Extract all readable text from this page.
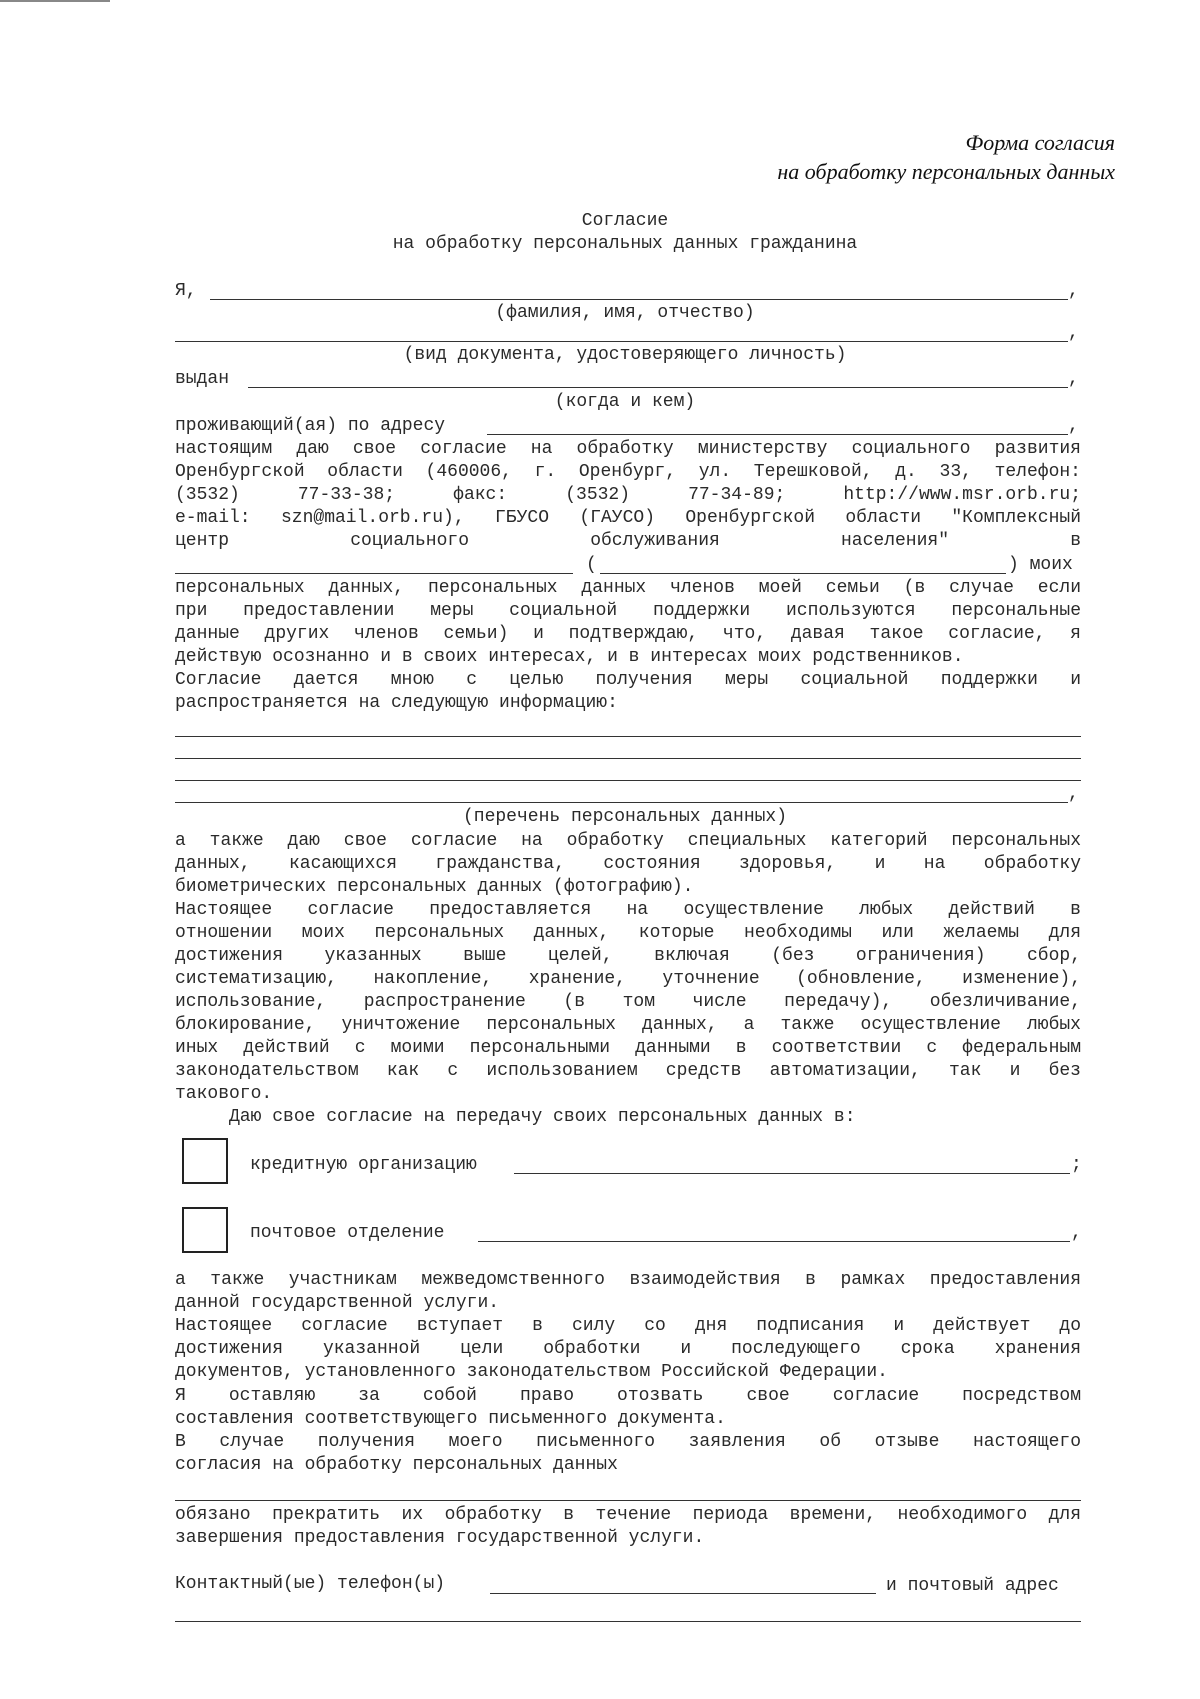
Форма согласия
на обработку персональных данных
Согласие
на обработку персональных данных гражданина
Я,	,
(фамилия, имя, отчество)
,
(вид документа, удостоверяющего личность)
выдан	,
(когда и кем)
проживающий(ая) по адресу	,
настоящим даю свое согласие на обработку министерству социального развития
Оренбургской области (460006, г. Оренбург, ул. Терешковой, д. 33, телефон:
(3532) 77-33-38; факс: (3532) 77-34-89; http://www.msr.orb.ru;
e-mail: szn@mail.orb.ru), ГБУСО (ГАУСО) Оренбургской области "Комплексный
центр социального обслуживания населения" в
(	) моих
персональных данных, персональных данных членов моей семьи (в случае если
при предоставлении меры социальной поддержки используются персональные
данные других членов семьи) и подтверждаю, что, давая такое согласие, я
действую осознанно и в своих интересах, и в интересах моих родственников.
Согласие дается мною с целью получения меры социальной поддержки и
распространяется на следующую информацию:
,
(перечень персональных данных)
а также даю свое согласие на обработку специальных категорий персональных
данных, касающихся гражданства, состояния здоровья, и на обработку
биометрических персональных данных (фотографию).
Настоящее согласие предоставляется на осуществление любых действий в
отношении моих персональных данных, которые необходимы или желаемы для
достижения указанных выше целей, включая (без ограничения) сбор,
систематизацию, накопление, хранение, уточнение (обновление, изменение),
использование, распространение (в том числе передачу), обезличивание,
блокирование, уничтожение персональных данных, а также осуществление любых
иных действий с моими персональными данными в соответствии с федеральным
законодательством как с использованием средств автоматизации, так и без
такового.
Даю свое согласие на передачу своих персональных данных в:
кредитную организацию	;
почтовое отделение	,
а также участникам межведомственного взаимодействия в рамках предоставления
данной государственной услуги.
Настоящее согласие вступает в силу со дня подписания и действует до
достижения указанной цели обработки и последующего срока хранения
документов, установленного законодательством Российской Федерации.
Я оставляю за собой право отозвать свое согласие посредством
составления соответствующего письменного документа.
В случае получения моего письменного заявления об отзыве настоящего
согласия на обработку персональных данных
обязано прекратить их обработку в течение периода времени, необходимого для
завершения предоставления государственной услуги.
Контактный(ые) телефон(ы)	и почтовый адрес
